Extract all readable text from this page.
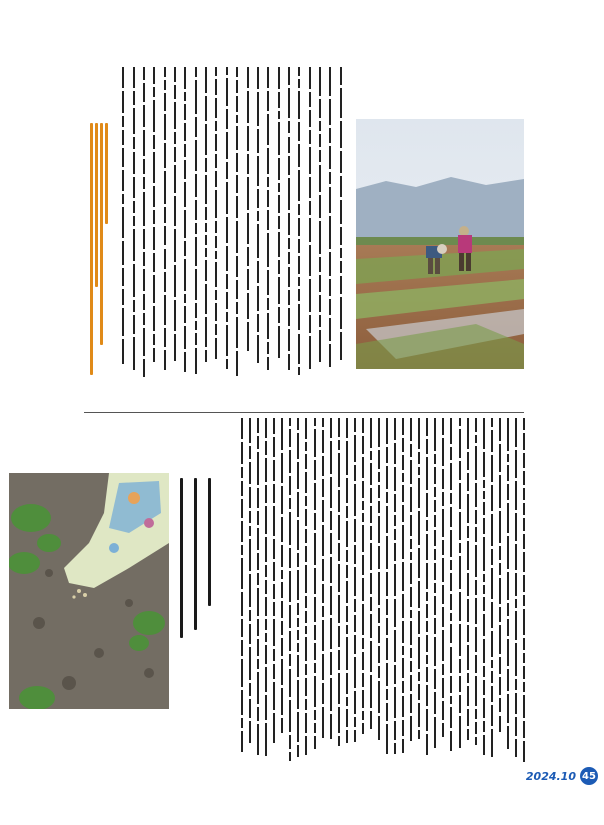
2024.10 45
